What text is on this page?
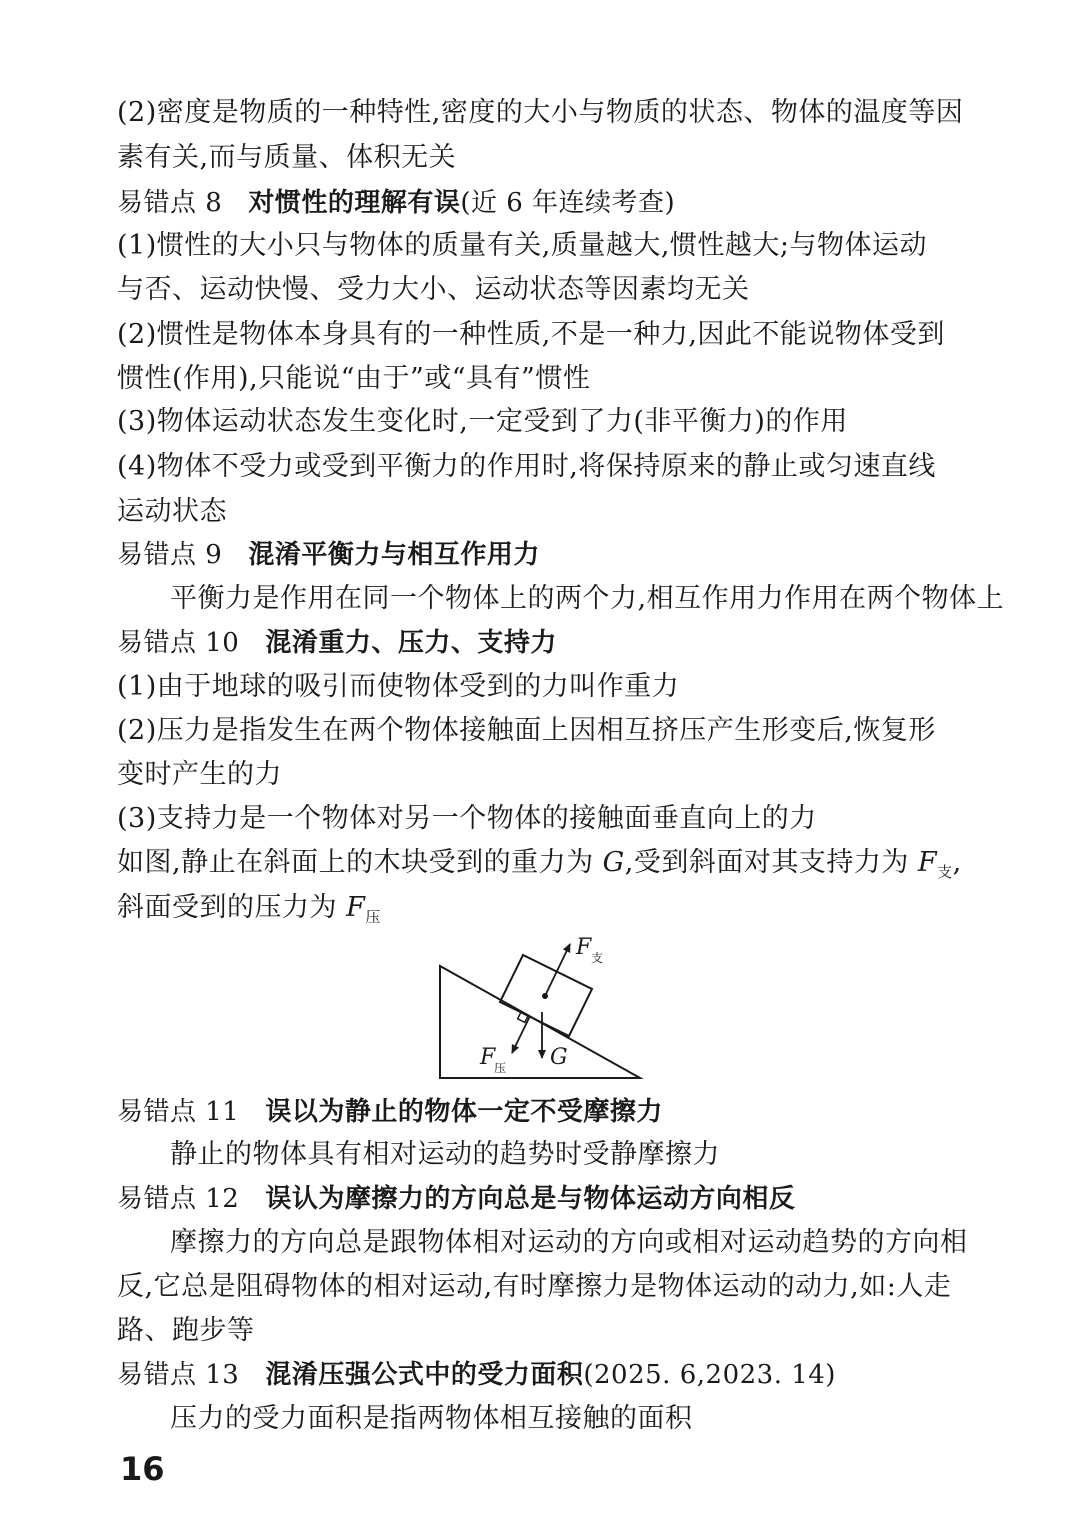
(2)密度是物质的一种特性,密度的大小与物质的状态、物体的温度等因
素有关,而与质量、体积无关
易错点 8 对惯性的理解有误(近 6 年连续考查)
(1)惯性的大小只与物体的质量有关,质量越大,惯性越大;与物体运动
与否、运动快慢、受力大小、运动状态等因素均无关
(2)惯性是物体本身具有的一种性质,不是一种力,因此不能说物体受到
惯性(作用),只能说“由于”或“具有”惯性
(3)物体运动状态发生变化时,一定受到了力(非平衡力)的作用
(4)物体不受力或受到平衡力的作用时,将保持原来的静止或匀速直线
运动状态
易错点 9 混淆平衡力与相互作用力
平衡力是作用在同一个物体上的两个力,相互作用力作用在两个物体上
易错点 10 混淆重力、压力、支持力
(1)由于地球的吸引而使物体受到的力叫作重力
(2)压力是指发生在两个物体接触面上因相互挤压产生形变后,恢复形
变时产生的力
(3)支持力是一个物体对另一个物体的接触面垂直向上的力
如图,静止在斜面上的木块受到的重力为 G,受到斜面对其支持力为 $F_支$,
斜面受到的压力为 $F_压$
F 支
F
压 G
易错点 11 误以为静止的物体一定不受摩擦力
静止的物体具有相对运动的趋势时受静摩擦力
易错点 12 误认为摩擦力的方向总是与物体运动方向相反
摩擦力的方向总是跟物体相对运动的方向或相对运动趋势的方向相
反,它总是阻碍物体的相对运动,有时摩擦力是物体运动的动力,如:人走
路、跑步等
易错点 13 混淆压强公式中的受力面积(2025. 6,2023. 14)
压力的受力面积是指两物体相互接触的面积
16
